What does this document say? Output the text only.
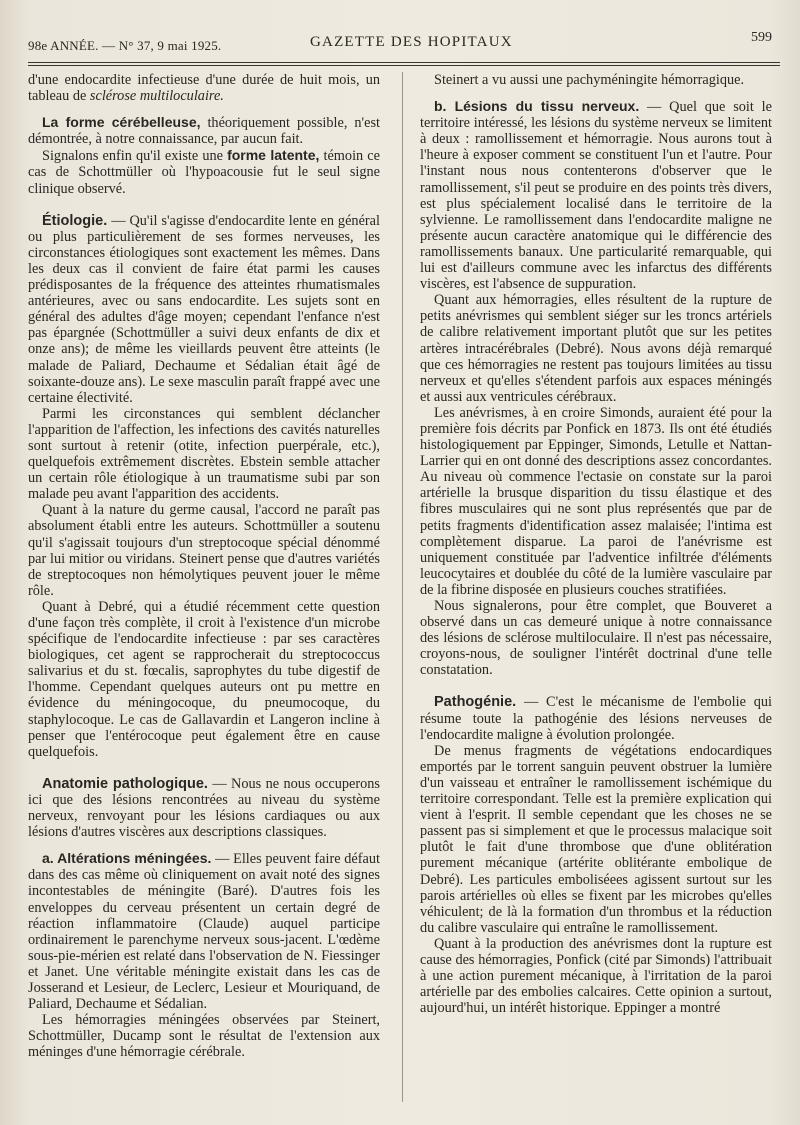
98e ANNÉE. — N° 37, 9 mai 1925.	GAZETTE DES HOPITAUX	599

d'une endocardite infectieuse d'une durée de huit mois, un tableau de sclérose multiloculaire.

La forme cérébelleuse, théoriquement possible, n'est démontrée, à notre connaissance, par aucun fait.

Signalons enfin qu'il existe une forme latente, témoin ce cas de Schottmüller où l'hypoacousie fut le seul signe clinique observé.

Étiologie. — Qu'il s'agisse d'endocardite lente en général ou plus particulièrement de ses formes nerveuses, les circonstances étiologiques sont exactement les mêmes. Dans les deux cas il convient de faire état parmi les causes prédisposantes de la fréquence des atteintes rhumatismales antérieures, avec ou sans endocardite. Les sujets sont en général des adultes d'âge moyen; cependant l'enfance n'est pas épargnée (Schottmüller a suivi deux enfants de dix et onze ans); de même les vieillards peuvent être atteints (le malade de Paliard, Dechaume et Sédalian était âgé de soixante-douze ans). Le sexe masculin paraît frappé avec une certaine électivité.

Parmi les circonstances qui semblent déclancher l'apparition de l'affection, les infections des cavités naturelles sont surtout à retenir (otite, infection puerpérale, etc.), quelquefois extrêmement discrètes. Ebstein semble attacher un certain rôle étiologique à un traumatisme subi par son malade peu avant l'apparition des accidents.

Quant à la nature du germe causal, l'accord ne paraît pas absolument établi entre les auteurs. Schottmüller a soutenu qu'il s'agissait toujours d'un streptocoque spécial dénommé par lui mitior ou viridans. Steinert pense que d'autres variétés de streptocoques non hémolytiques peuvent jouer le même rôle.

Quant à Debré, qui a étudié récemment cette question d'une façon très complète, il croit à l'existence d'un microbe spécifique de l'endocardite infectieuse : par ses caractères biologiques, cet agent se rapprocherait du streptococcus salivarius et du st. fœcalis, saprophytes du tube digestif de l'homme. Cependant quelques auteurs ont pu mettre en évidence du méningocoque, du pneumocoque, du staphylocoque. Le cas de Gallavardin et Langeron incline à penser que l'entérocoque peut également être en cause quelquefois.

Anatomie pathologique. — Nous ne nous occuperons ici que des lésions rencontrées au niveau du système nerveux, renvoyant pour les lésions cardiaques ou aux lésions d'autres viscères aux descriptions classiques.

a. Altérations méningées. — Elles peuvent faire défaut dans des cas même où cliniquement on avait noté des signes incontestables de méningite (Baré). D'autres fois les enveloppes du cerveau présentent un certain degré de réaction inflammatoire (Claude) auquel participe ordinairement le parenchyme nerveux sous-jacent. L'œdème sous-pie-mérien est relaté dans l'observation de N. Fiessinger et Janet. Une véritable méningite existait dans les cas de Josserand et Lesieur, de Leclerc, Lesieur et Mouriquand, de Paliard, Dechaume et Sédalian.

Les hémorragies méningées observées par Steinert, Schottmüller, Ducamp sont le résultat de l'extension aux méninges d'une hémorragie cérébrale.

Steinert a vu aussi une pachyméningite hémorragique.

b. Lésions du tissu nerveux. — Quel que soit le territoire intéressé, les lésions du système nerveux se limitent à deux : ramollissement et hémorragie. Nous aurons tout à l'heure à exposer comment se constituent l'un et l'autre. Pour l'instant nous nous contenterons d'observer que le ramollissement, s'il peut se produire en des points très divers, est plus spécialement localisé dans le territoire de la sylvienne. Le ramollissement dans l'endocardite maligne ne présente aucun caractère anatomique qui le différencie des ramollissements banaux. Une particularité remarquable, qui lui est d'ailleurs commune avec les infarctus des différents viscères, est l'absence de suppuration.

Quant aux hémorragies, elles résultent de la rupture de petits anévrismes qui semblent siéger sur les troncs artériels de calibre relativement important plutôt que sur les petites artères intracérébrales (Debré). Nous avons déjà remarqué que ces hémorragies ne restent pas toujours limitées au tissu nerveux et qu'elles s'étendent parfois aux espaces méningés et aussi aux ventricules cérébraux.

Les anévrismes, à en croire Simonds, auraient été pour la première fois décrits par Ponfick en 1873. Ils ont été étudiés histologiquement par Eppinger, Simonds, Letulle et Nattan-Larrier qui en ont donné des descriptions assez concordantes. Au niveau où commence l'ectasie on constate sur la paroi artérielle la brusque disparition du tissu élastique et des fibres musculaires qui ne sont plus représentés que par de petits fragments d'identification assez malaisée; l'intima est complètement disparue. La paroi de l'anévrisme est uniquement constituée par l'adventice infiltrée d'éléments leucocytaires et doublée du côté de la lumière vasculaire par de la fibrine disposée en plusieurs couches stratifiées.

Nous signalerons, pour être complet, que Bouveret a observé dans un cas demeuré unique à notre connaissance des lésions de sclérose multiloculaire. Il n'est pas nécessaire, croyons-nous, de souligner l'intérêt doctrinal d'une telle constatation.

Pathogénie. — C'est le mécanisme de l'embolie qui résume toute la pathogénie des lésions nerveuses de l'endocardite maligne à évolution prolongée.

De menus fragments de végétations endocardiques emportés par le torrent sanguin peuvent obstruer la lumière d'un vaisseau et entraîner le ramollissement ischémique du territoire correspondant. Telle est la première explication qui vient à l'esprit. Il semble cependant que les choses ne se passent pas si simplement et que le processus malacique soit plutôt le fait d'une thrombose que d'une oblitération purement mécanique (artérite oblitérante embolique de Debré). Les particules emboliséees agissent surtout sur les parois artérielles où elles se fixent par les microbes qu'elles véhiculent; de là la formation d'un thrombus et la réduction du calibre vasculaire qui entraîne le ramollissement.

Quant à la production des anévrismes dont la rupture est cause des hémorragies, Ponfick (cité par Simonds) l'attribuait à une action purement mécanique, à l'irritation de la paroi artérielle par des embolies calcaires. Cette opinion a surtout, aujourd'hui, un intérêt historique. Eppinger a montré
